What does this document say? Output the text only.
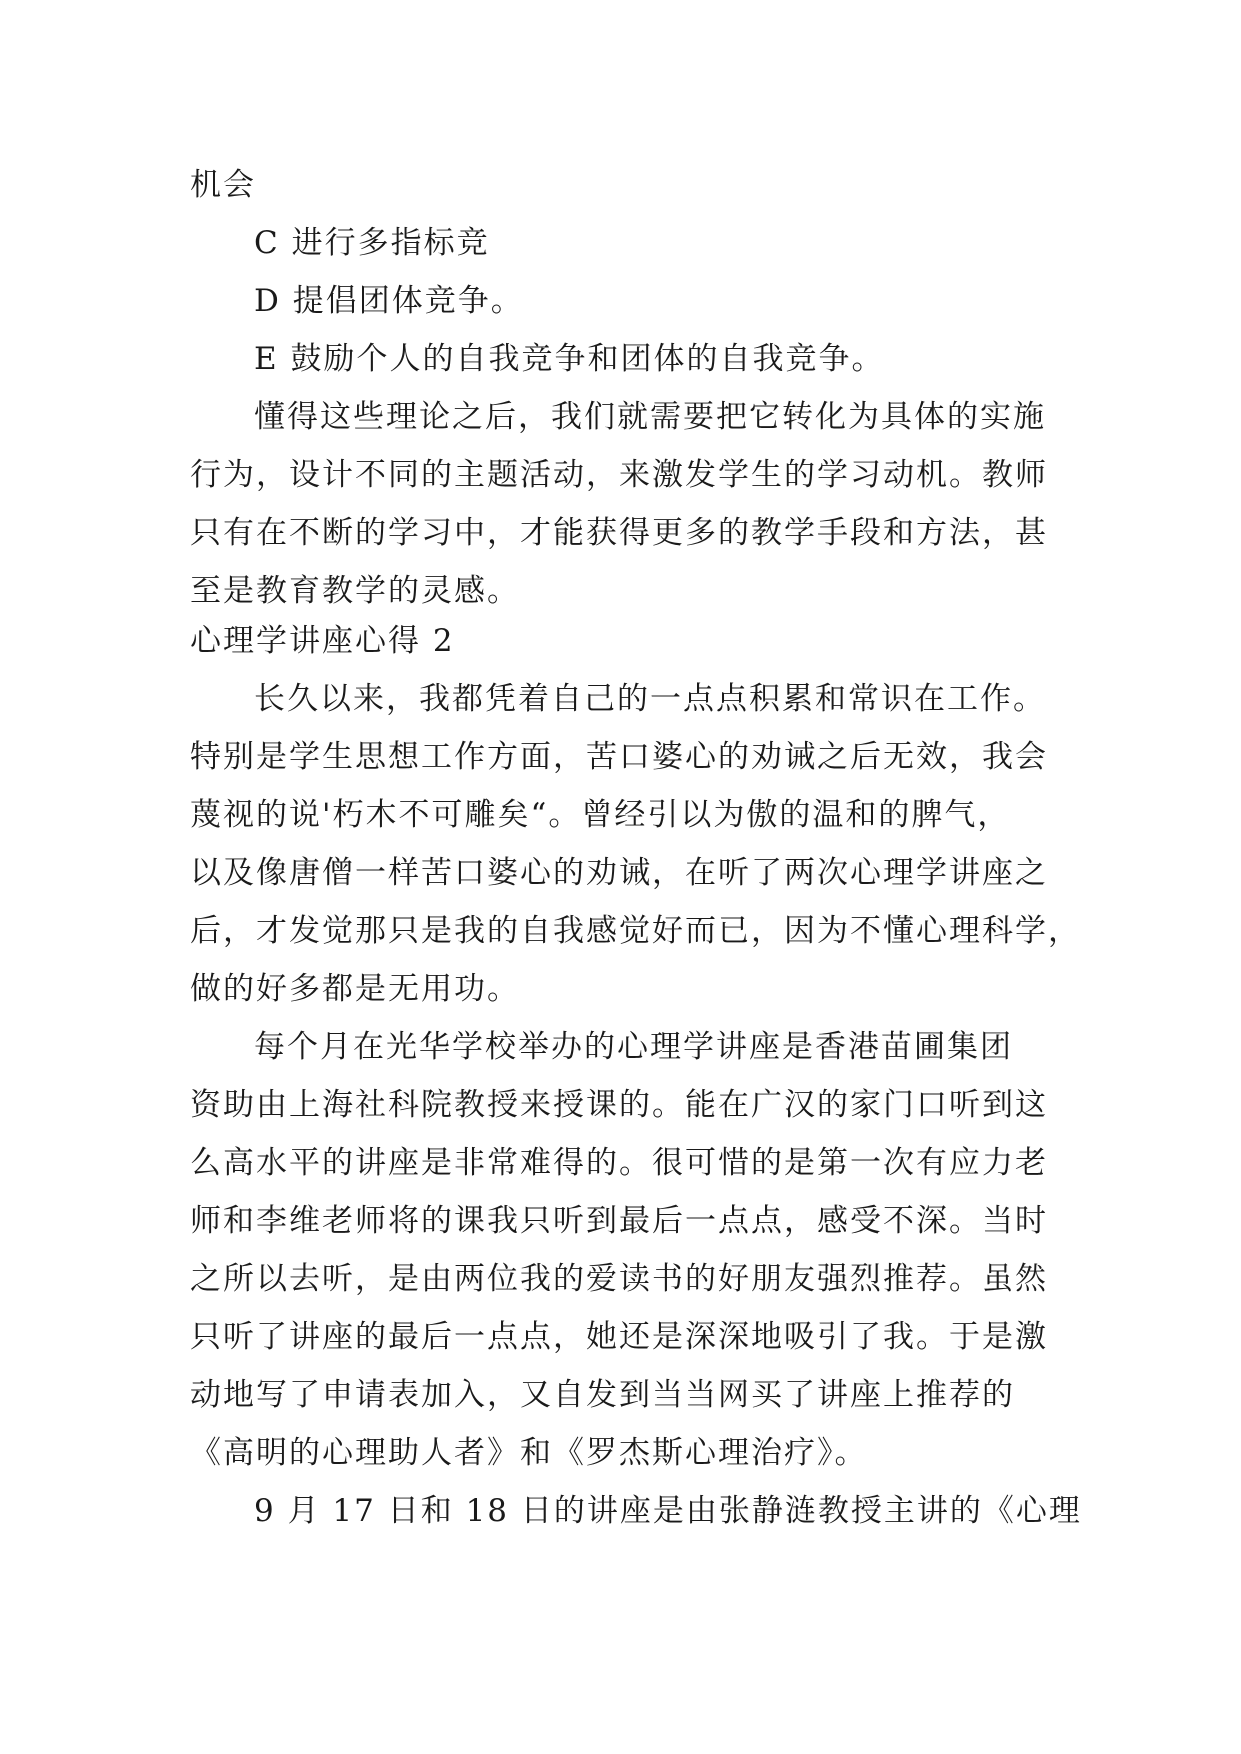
机会
C 进行多指标竞
D 提倡团体竞争。
E 鼓励个人的自我竞争和团体的自我竞争。
懂得这些理论之后，我们就需要把它转化为具体的实施
行为，设计不同的主题活动，来激发学生的学习动机。教师
只有在不断的学习中，才能获得更多的教学手段和方法，甚
至是教育教学的灵感。
心理学讲座心得 2
长久以来，我都凭着自己的一点点积累和常识在工作。
特别是学生思想工作方面，苦口婆心的劝诫之后无效，我会
蔑视的说'朽木不可雕矣“。曾经引以为傲的温和的脾气，
以及像唐僧一样苦口婆心的劝诫，在听了两次心理学讲座之
后，才发觉那只是我的自我感觉好而已，因为不懂心理科学，
做的好多都是无用功。
每个月在光华学校举办的心理学讲座是香港苗圃集团
资助由上海社科院教授来授课的。能在广汉的家门口听到这
么高水平的讲座是非常难得的。很可惜的是第一次有应力老
师和李维老师将的课我只听到最后一点点，感受不深。当时
之所以去听，是由两位我的爱读书的好朋友强烈推荐。虽然
只听了讲座的最后一点点，她还是深深地吸引了我。于是激
动地写了申请表加入，又自发到当当网买了讲座上推荐的
《高明的心理助人者》和《罗杰斯心理治疗》。
9 月 17 日和 18 日的讲座是由张静涟教授主讲的《心理
